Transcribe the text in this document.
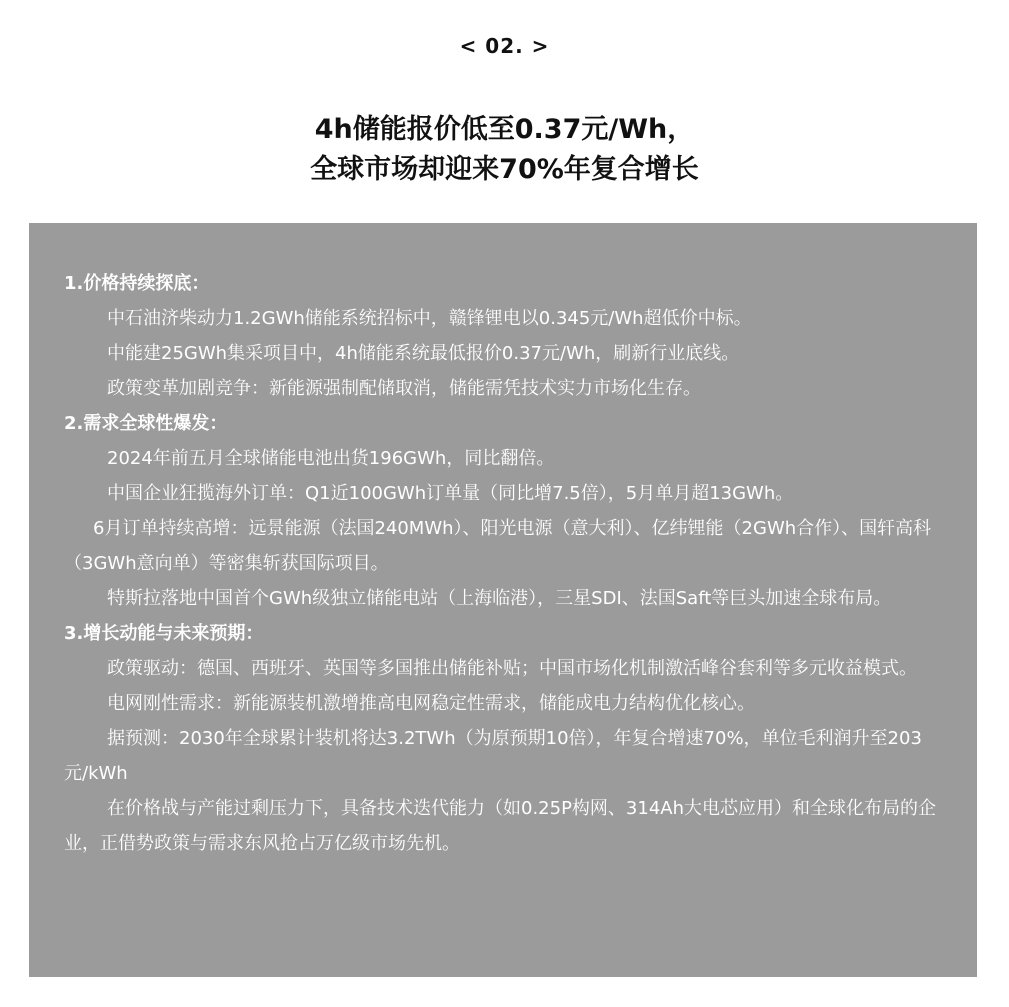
< 02. >
4h储能报价低至0.37元/Wh，
全球市场却迎来70%年复合增长
1.价格持续探底：

中石油济柴动力1.2GWh储能系统招标中，赣锋锂电以0.345元/Wh超低价中标。

中能建25GWh集采项目中，4h储能系统最低报价0.37元/Wh，刷新行业底线。

政策变革加剧竞争：新能源强制配储取消，储能需凭技术实力市场化生存。

2.需求全球性爆发：

2024年前五月全球储能电池出货196GWh，同比翻倍。

中国企业狂揽海外订单：Q1近100GWh订单量（同比增7.5倍），5月单月超13GWh。

6月订单持续高增：远景能源（法国240MWh）、阳光电源（意大利）、亿纬锂能（2GWh合作）、国轩高科（3GWh意向单）等密集斩获国际项目。

特斯拉落地中国首个GWh级独立储能电站（上海临港），三星SDI、法国Saft等巨头加速全球布局。

3.增长动能与未来预期：

政策驱动：德国、西班牙、英国等多国推出储能补贴；中国市场化机制激活峰谷套利等多元收益模式。

电网刚性需求：新能源装机激增推高电网稳定性需求，储能成电力结构优化核心。

据预测：2030年全球累计装机将达3.2TWh（为原预期10倍），年复合增速70%，单位毛利润升至203元/kWh

在价格战与产能过剩压力下，具备技术迭代能力（如0.25P构网、314Ah大电芯应用）和全球化布局的企业，正借势政策与需求东风抢占万亿级市场先机。
